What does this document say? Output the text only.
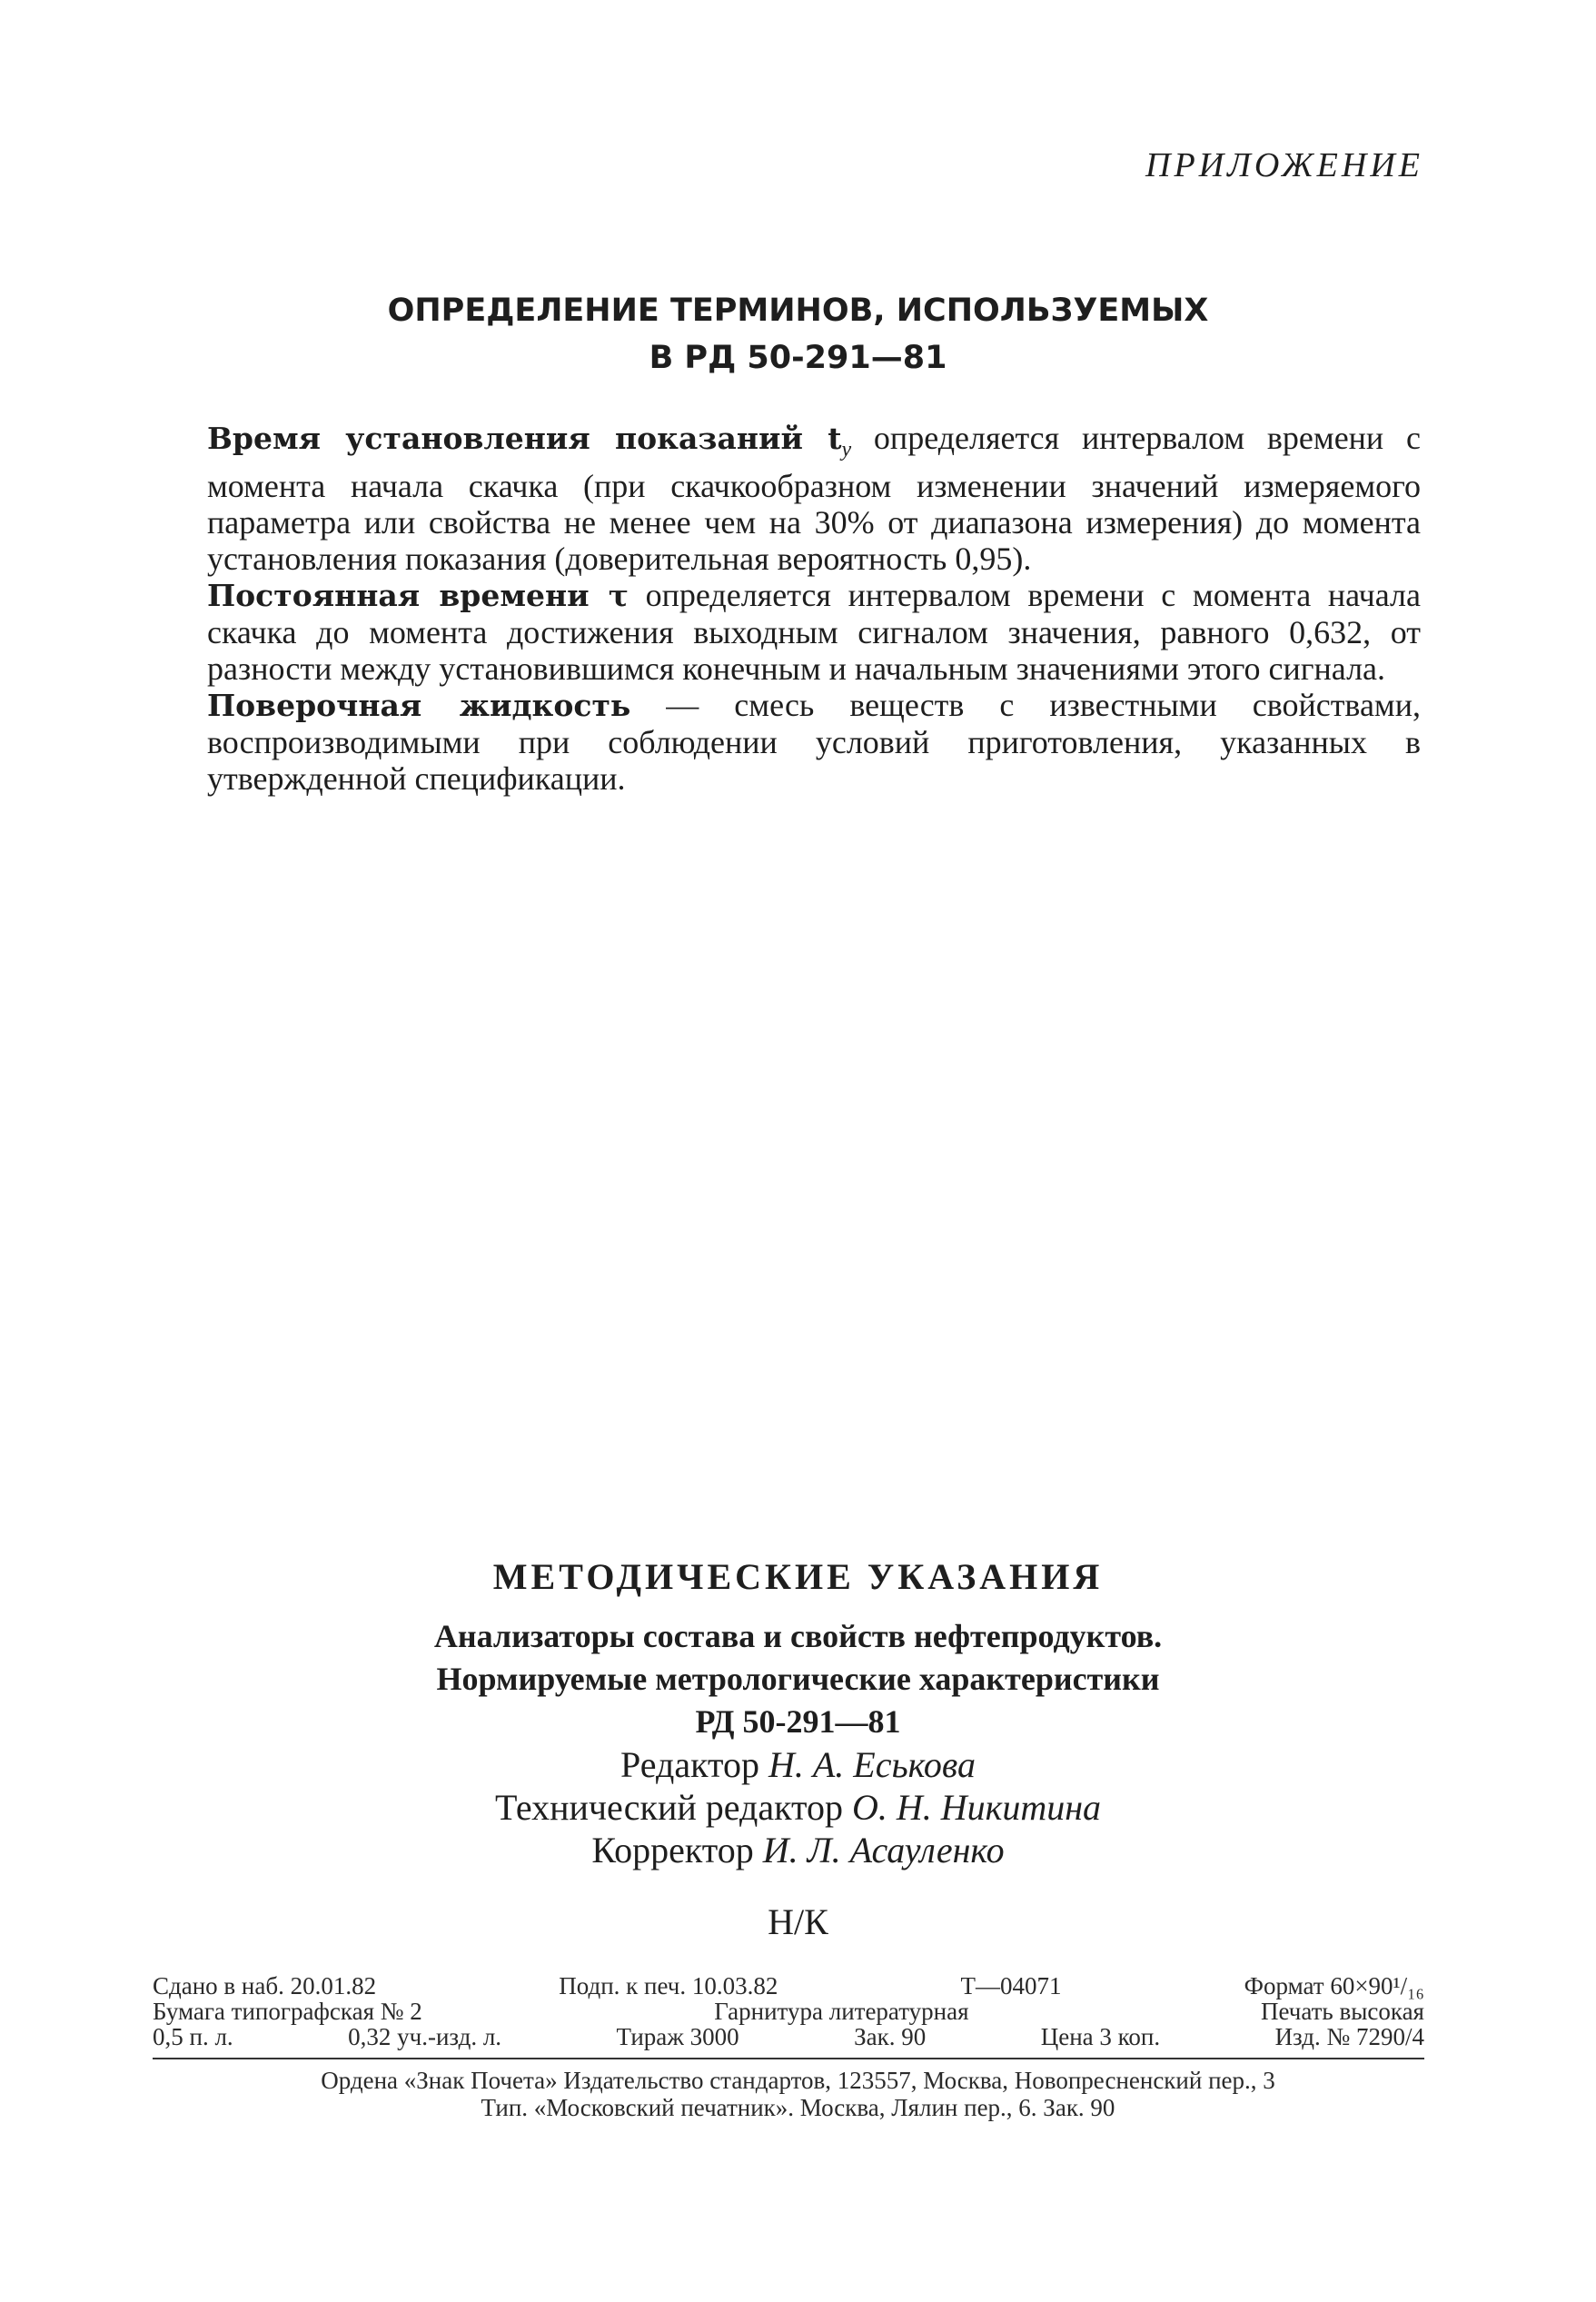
ПРИЛОЖЕНИЕ
ОПРЕДЕЛЕНИЕ ТЕРМИНОВ, ИСПОЛЬЗУЕМЫХ
В РД 50-291—81

Время установления показаний $t_у$ определяется интервалом времени с момента начала скачка (при скачкообразном изменении значений измеряемого параметра или свойства не менее чем на 30% от диапазона измерения) до момента установления показания (доверительная вероятность 0,95).

Постоянная времени τ определяется интервалом времени с момента начала скачка до момента достижения выходным сигналом значения, равного 0,632, от разности между установившимся конечным и начальным значениями этого сигнала.

Поверочная жидкость — смесь веществ с известными свойствами, воспроизводимыми при соблюдении условий приготовления, указанных в утвержденной спецификации.

МЕТОДИЧЕСКИЕ УКАЗАНИЯ
Анализаторы состава и свойств нефтепродуктов.
Нормируемые метрологические характеристики
РД 50-291—81
Редактор Н. А. Еськова
Технический редактор О. Н. Никитина
Корректор И. Л. Асауленко
Н/К
Сдано в наб. 20.01.82	Подп. к печ. 10.03.82	Т—04071	Формат 60×90¹/₁₆
Бумага типографская № 2	Гарнитура литературная	Печать высокая
0,5 п. л.	0,32 уч.-изд. л.	Тираж 3000	Зак. 90	Цена 3 коп.	Изд. № 7290/4
Ордена «Знак Почета» Издательство стандартов, 123557, Москва, Новопресненский пер., 3
Тип. «Московский печатник». Москва, Лялин пер., 6. Зак. 90
